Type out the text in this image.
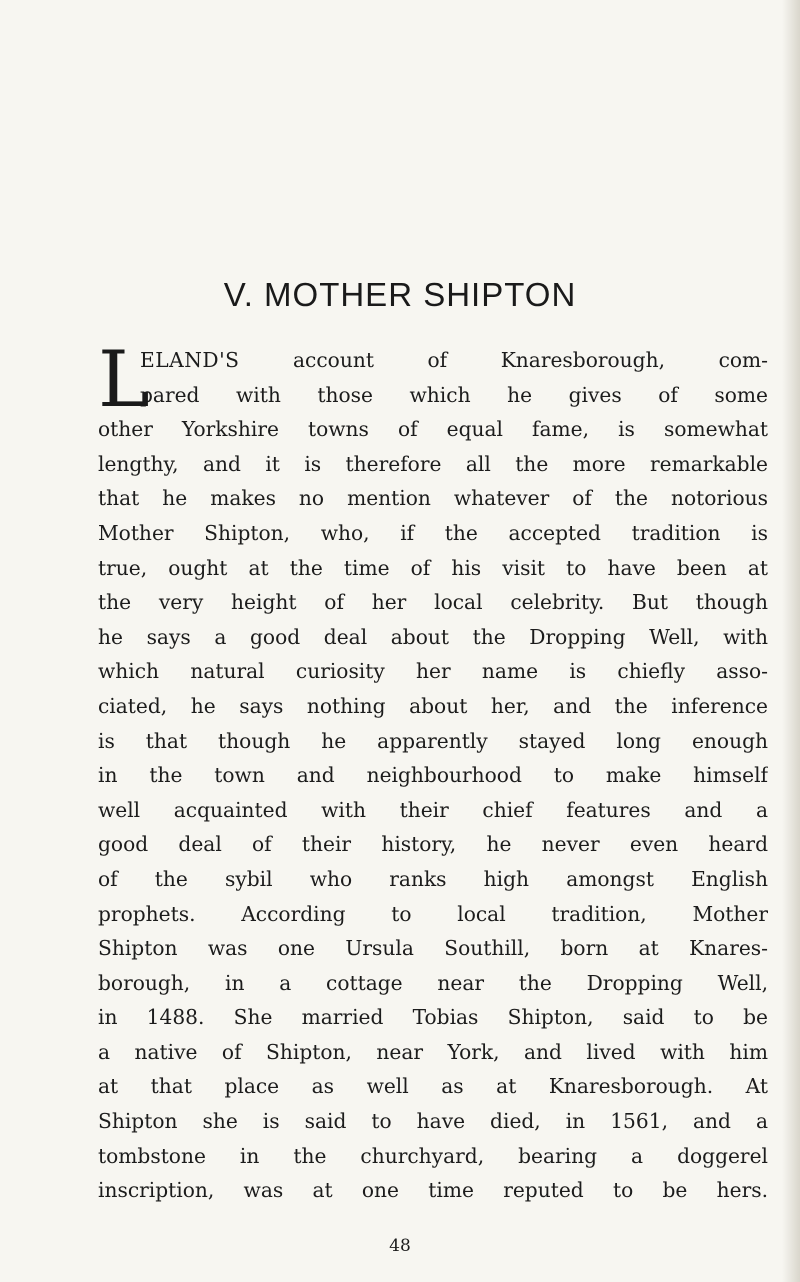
V. MOTHER SHIPTON
L
ELAND'S account of Knaresborough, com-
pared with those which he gives of some
other Yorkshire towns of equal fame, is somewhat
lengthy, and it is therefore all the more remarkable
that he makes no mention whatever of the notorious
Mother Shipton, who, if the accepted tradition is
true, ought at the time of his visit to have been at
the very height of her local celebrity. But though
he says a good deal about the Dropping Well, with
which natural curiosity her name is chiefly asso-
ciated, he says nothing about her, and the inference
is that though he apparently stayed long enough
in the town and neighbourhood to make himself
well acquainted with their chief features and a
good deal of their history, he never even heard
of the sybil who ranks high amongst English
prophets. According to local tradition, Mother
Shipton was one Ursula Southill, born at Knares-
borough, in a cottage near the Dropping Well,
in 1488. She married Tobias Shipton, said to be
a native of Shipton, near York, and lived with him
at that place as well as at Knaresborough. At
Shipton she is said to have died, in 1561, and a
tombstone in the churchyard, bearing a doggerel
inscription, was at one time reputed to be hers.
48
